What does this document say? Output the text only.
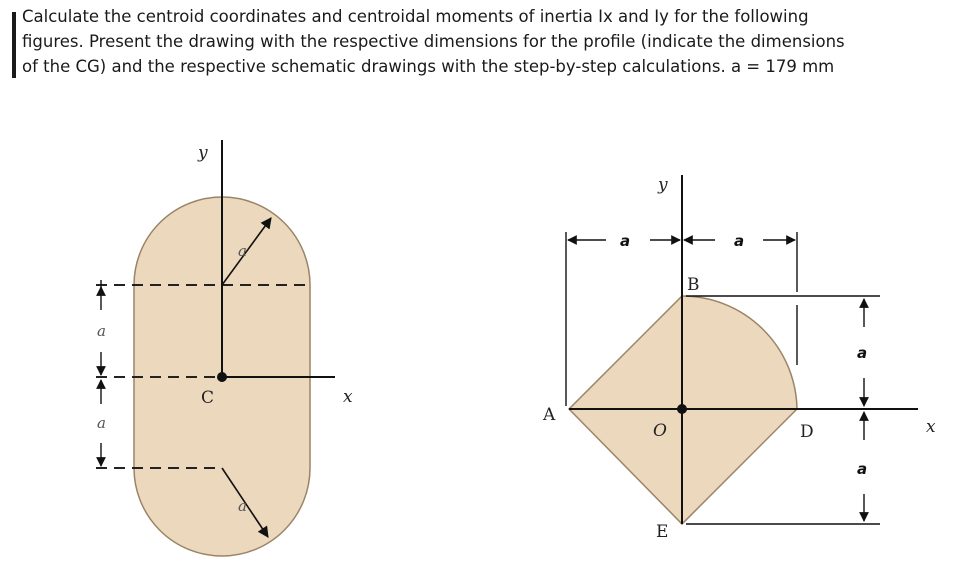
Calculate the centroid coordinates and centroidal moments of inertia Ix and Iy for the following
figures. Present the drawing with the respective dimensions for the profile (indicate the dimensions
of the CG) and the respective schematic drawings with the step-by-step calculations. a = 179 mm
y
x
C
a
a
a
a
y
x
a	a
a
a
A
B
O	D
E
